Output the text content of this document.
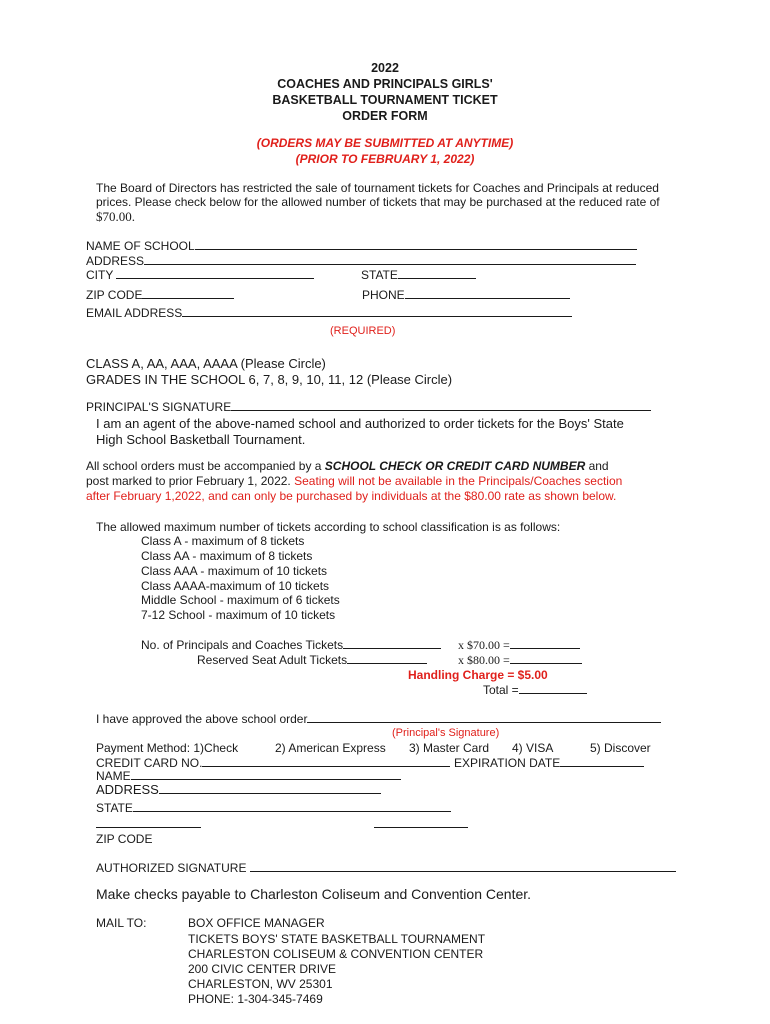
2022
COACHES AND PRINCIPALS GIRLS'
BASKETBALL TOURNAMENT TICKET
ORDER FORM
(ORDERS MAY BE SUBMITTED AT ANYTIME)
(PRIOR TO FEBRUARY 1, 2022)
The Board of Directors has restricted the sale of tournament tickets for Coaches and Principals at reduced
prices. Please check below for the allowed number of tickets that may be purchased at the reduced rate of
$70.00.
NAME OF SCHOOL
ADDRESS
CITY	STATE
ZIP CODE	PHONE
EMAIL ADDRESS
(REQUIRED)
CLASS A, AA, AAA, AAAA (Please Circle)
GRADES IN THE SCHOOL 6, 7, 8, 9, 10, 11, 12 (Please Circle)
PRINCIPAL'S SIGNATURE
I am an agent of the above-named school and authorized to order tickets for the Boys' State
High School Basketball Tournament.
All school orders must be accompanied by a SCHOOL CHECK OR CREDIT CARD NUMBER and
post marked to prior February 1, 2022. Seating will not be available in the Principals/Coaches section
after February 1,2022, and can only be purchased by individuals at the $80.00 rate as shown below.
The allowed maximum number of tickets according to school classification is as follows:
Class A - maximum of 8 tickets
Class AA - maximum of 8 tickets
Class AAA - maximum of 10 tickets
Class AAAA-maximum of 10 tickets
Middle School - maximum of 6 tickets
7-12 School - maximum of 10 tickets
No. of Principals and Coaches Tickets	x $70.00 =
Reserved Seat Adult Tickets	x $80.00 =
Handling Charge = $5.00
Total =
I have approved the above school order
(Principal's Signature)
Payment Method: 1)Check	2) American Express 3) Master Card 4) VISA	5) Discover
CREDIT CARD NO.	EXPIRATION DATE
NAME
ADDRESS
STATE
ZIP CODE
AUTHORIZED SIGNATURE
Make checks payable to Charleston Coliseum and Convention Center.
MAIL TO:	BOX OFFICE MANAGER
TICKETS BOYS' STATE BASKETBALL TOURNAMENT
CHARLESTON COLISEUM & CONVENTION CENTER
200 CIVIC CENTER DRIVE
CHARLESTON, WV 25301
PHONE: 1-304-345-7469
